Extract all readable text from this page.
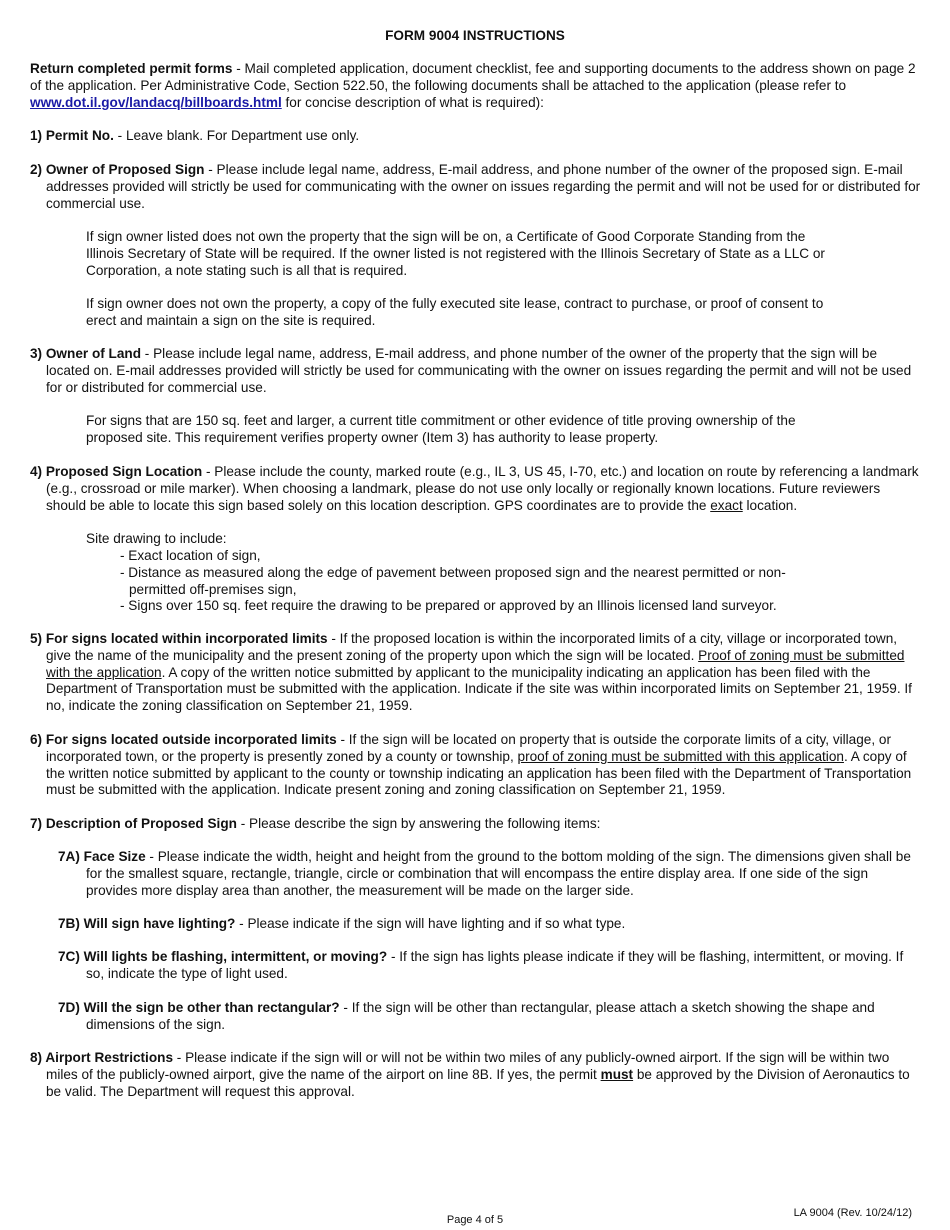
FORM 9004 INSTRUCTIONS

Return completed permit forms - Mail completed application, document checklist, fee and supporting documents to the address shown on page 2 of the application. Per Administrative Code, Section 522.50, the following documents shall be attached to the application (please refer to www.dot.il.gov/landacq/billboards.html for concise description of what is required):

1) Permit No. - Leave blank. For Department use only.

2) Owner of Proposed Sign - Please include legal name, address, E-mail address, and phone number of the owner of the proposed sign. E-mail addresses provided will strictly be used for communicating with the owner on issues regarding the permit and will not be used for or distributed for commercial use.

If sign owner listed does not own the property that the sign will be on, a Certificate of Good Corporate Standing from the Illinois Secretary of State will be required. If the owner listed is not registered with the Illinois Secretary of State as a LLC or Corporation, a note stating such is all that is required.

If sign owner does not own the property, a copy of the fully executed site lease, contract to purchase, or proof of consent to erect and maintain a sign on the site is required.

3) Owner of Land - Please include legal name, address, E-mail address, and phone number of the owner of the property that the sign will be located on. E-mail addresses provided will strictly be used for communicating with the owner on issues regarding the permit and will not be used for or distributed for commercial use.

For signs that are 150 sq. feet and larger, a current title commitment or other evidence of title proving ownership of the proposed site. This requirement verifies property owner (Item 3) has authority to lease property.

4) Proposed Sign Location - Please include the county, marked route (e.g., IL 3, US 45, I-70, etc.) and location on route by referencing a landmark (e.g., crossroad or mile marker). When choosing a landmark, please do not use only locally or regionally known locations. Future reviewers should be able to locate this sign based solely on this location description. GPS coordinates are to provide the exact location.

Site drawing to include:

- Exact location of sign,

- Distance as measured along the edge of pavement between proposed sign and the nearest permitted or non-permitted off-premises sign,

- Signs over 150 sq. feet require the drawing to be prepared or approved by an Illinois licensed land surveyor.

5) For signs located within incorporated limits - If the proposed location is within the incorporated limits of a city, village or incorporated town, give the name of the municipality and the present zoning of the property upon which the sign will be located. Proof of zoning must be submitted with the application. A copy of the written notice submitted by applicant to the municipality indicating an application has been filed with the Department of Transportation must be submitted with the application. Indicate if the site was within incorporated limits on September 21, 1959. If no, indicate the zoning classification on September 21, 1959.

6) For signs located outside incorporated limits - If the sign will be located on property that is outside the corporate limits of a city, village, or incorporated town, or the property is presently zoned by a county or township, proof of zoning must be submitted with this application. A copy of the written notice submitted by applicant to the county or township indicating an application has been filed with the Department of Transportation must be submitted with the application. Indicate present zoning and zoning classification on September 21, 1959.

7) Description of Proposed Sign - Please describe the sign by answering the following items:

7A) Face Size - Please indicate the width, height and height from the ground to the bottom molding of the sign. The dimensions given shall be for the smallest square, rectangle, triangle, circle or combination that will encompass the entire display area. If one side of the sign provides more display area than another, the measurement will be made on the larger side.

7B) Will sign have lighting? - Please indicate if the sign will have lighting and if so what type.

7C) Will lights be flashing, intermittent, or moving? - If the sign has lights please indicate if they will be flashing, intermittent, or moving. If so, indicate the type of light used.

7D) Will the sign be other than rectangular? - If the sign will be other than rectangular, please attach a sketch showing the shape and dimensions of the sign.

8) Airport Restrictions - Please indicate if the sign will or will not be within two miles of any publicly-owned airport. If the sign will be within two miles of the publicly-owned airport, give the name of the airport on line 8B. If yes, the permit must be approved by the Division of Aeronautics to be valid. The Department will request this approval.

Page 4 of 5
LA 9004 (Rev. 10/24/12)
